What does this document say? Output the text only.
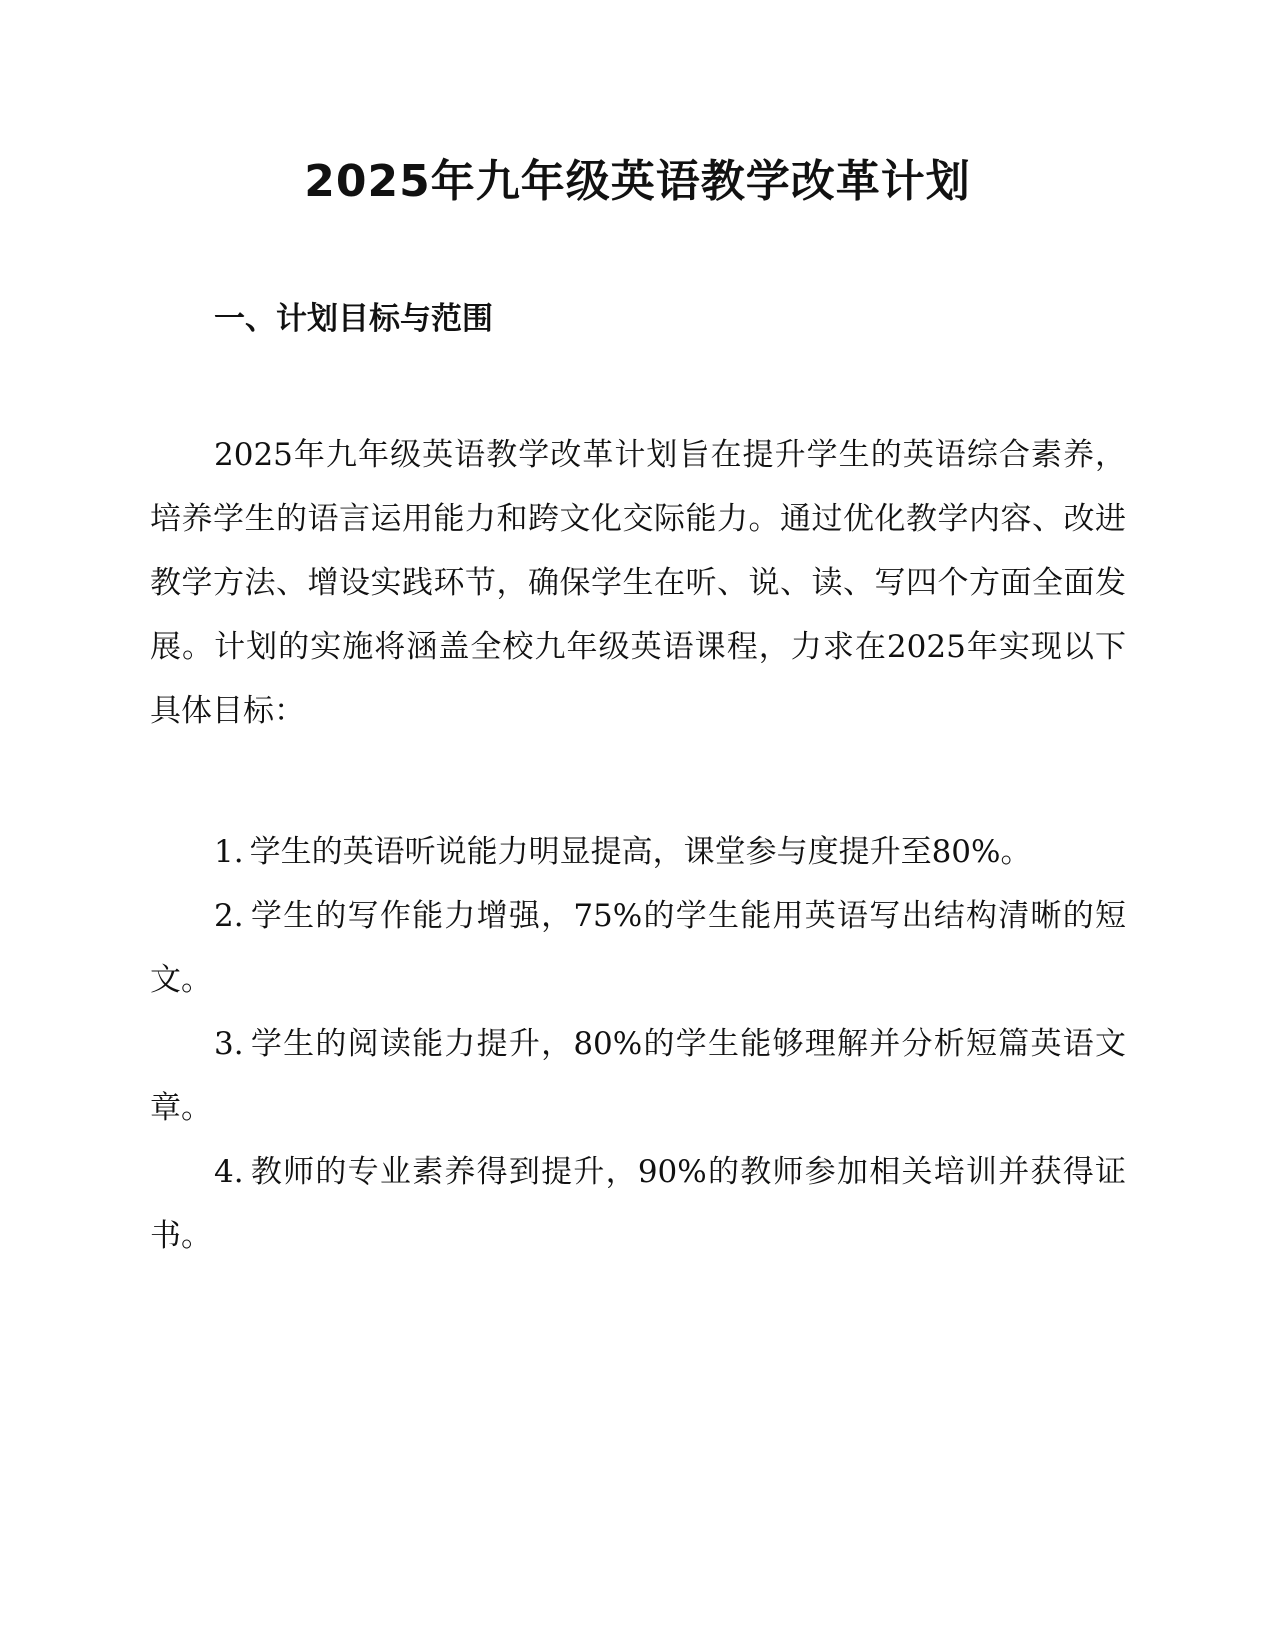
2025年九年级英语教学改革计划
一、计划目标与范围

2025年九年级英语教学改革计划旨在提升学生的英语综合素养，培养学生的语言运用能力和跨文化交际能力。通过优化教学内容、改进教学方法、增设实践环节，确保学生在听、说、读、写四个方面全面发展。计划的实施将涵盖全校九年级英语课程，力求在2025年实现以下具体目标：

1. 学生的英语听说能力明显提高，课堂参与度提升至80%。
2. 学生的写作能力增强，75%的学生能用英语写出结构清晰的短文。
3. 学生的阅读能力提升，80%的学生能够理解并分析短篇英语文章。
4. 教师的专业素养得到提升，90%的教师参加相关培训并获得证书。
